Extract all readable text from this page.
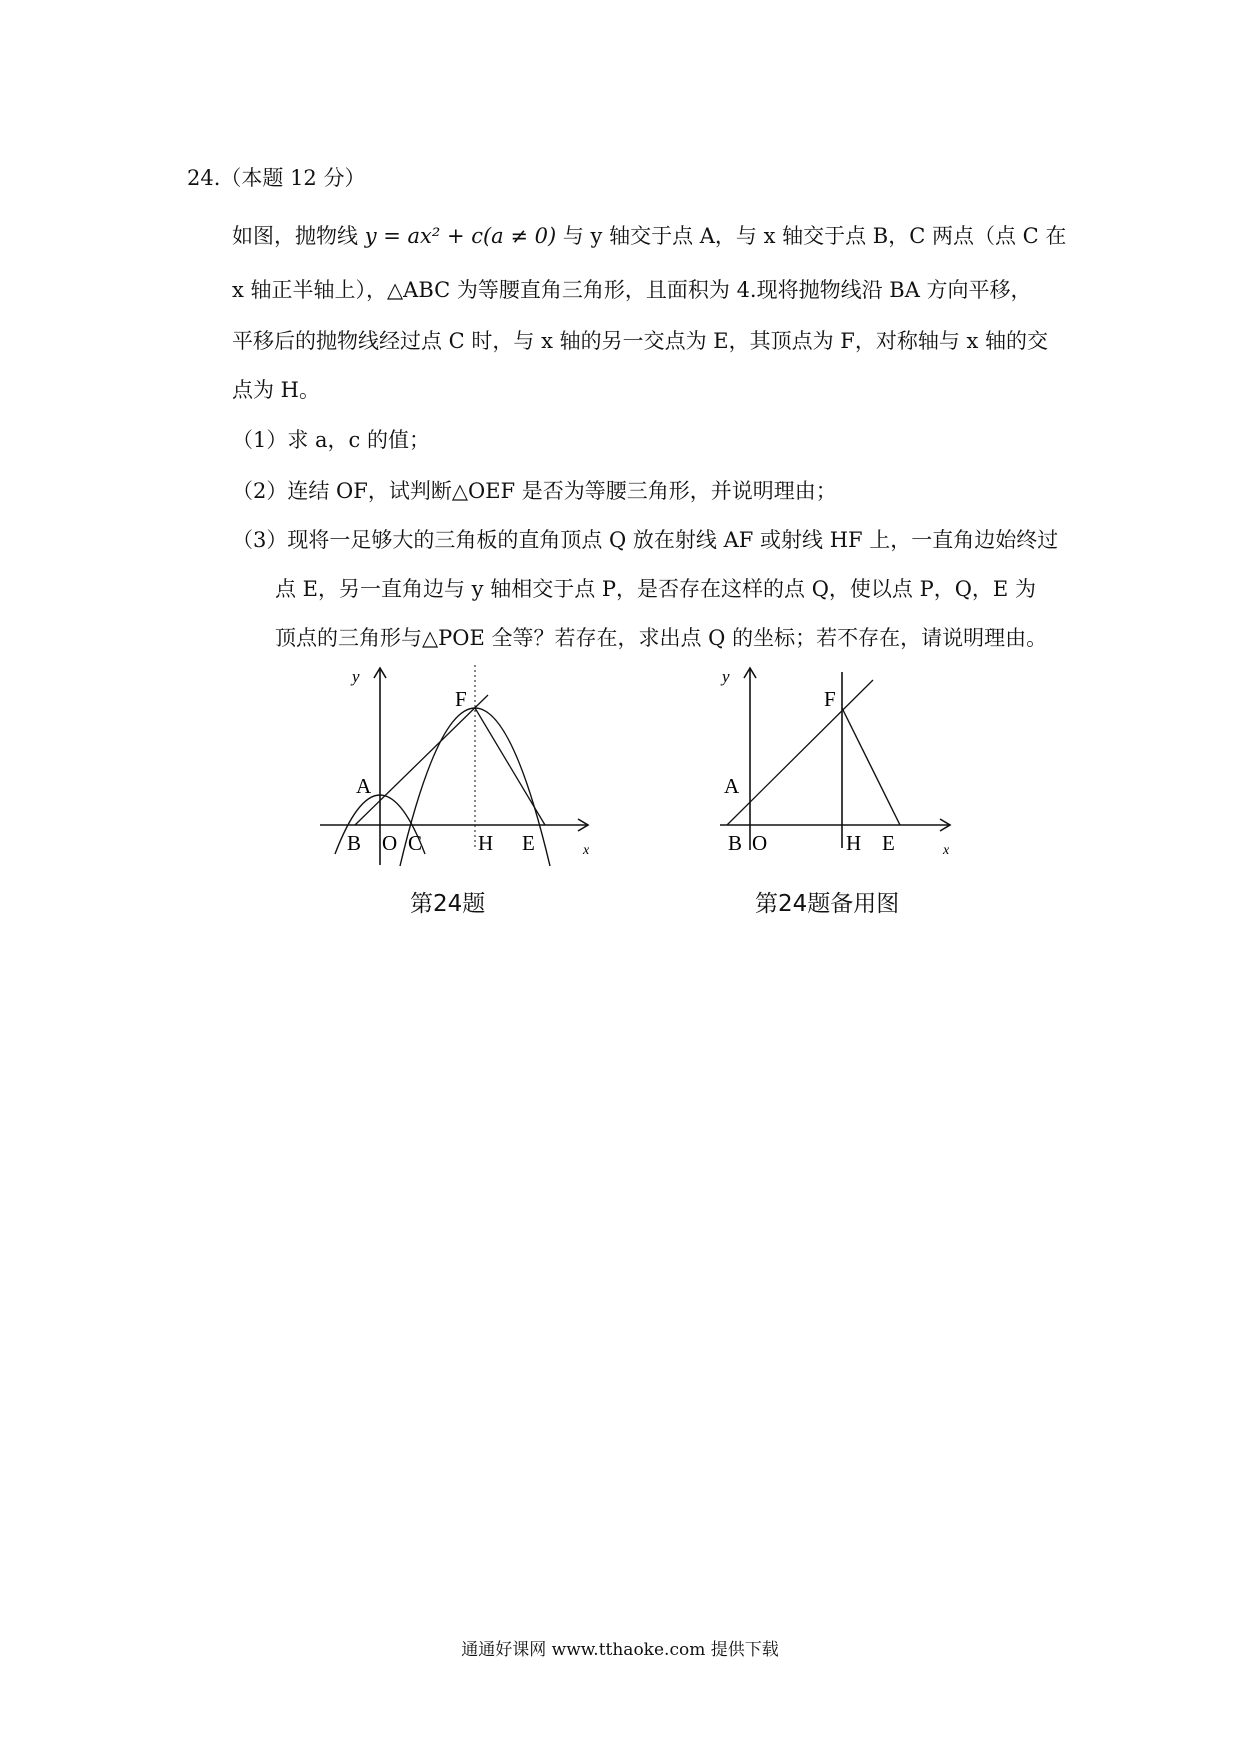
24.（本题 12 分）
如图，抛物线 y = ax² + c(a ≠ 0) 与 y 轴交于点 A，与 x 轴交于点 B，C 两点（点 C 在
x 轴正半轴上），△ABC 为等腰直角三角形，且面积为 4.现将抛物线沿 BA 方向平移，
平移后的抛物线经过点 C 时，与 x 轴的另一交点为 E，其顶点为 F，对称轴与 x 轴的交
点为 H。
（1）求 a，c 的值；
（2）连结 OF，试判断△OEF 是否为等腰三角形，并说明理由；
（3）现将一足够大的三角板的直角顶点 Q 放在射线 AF 或射线 HF 上，一直角边始终过
点 E，另一直角边与 y 轴相交于点 P，是否存在这样的点 Q，使以点 P，Q，E 为
顶点的三角形与△POE 全等？若存在，求出点 Q 的坐标；若不存在，请说明理由。
y
x
F
A
B O C	H E
第24题
y
x
F
A
B O	H E
第24题备用图
通通好课网 www.tthaoke.com 提供下载
